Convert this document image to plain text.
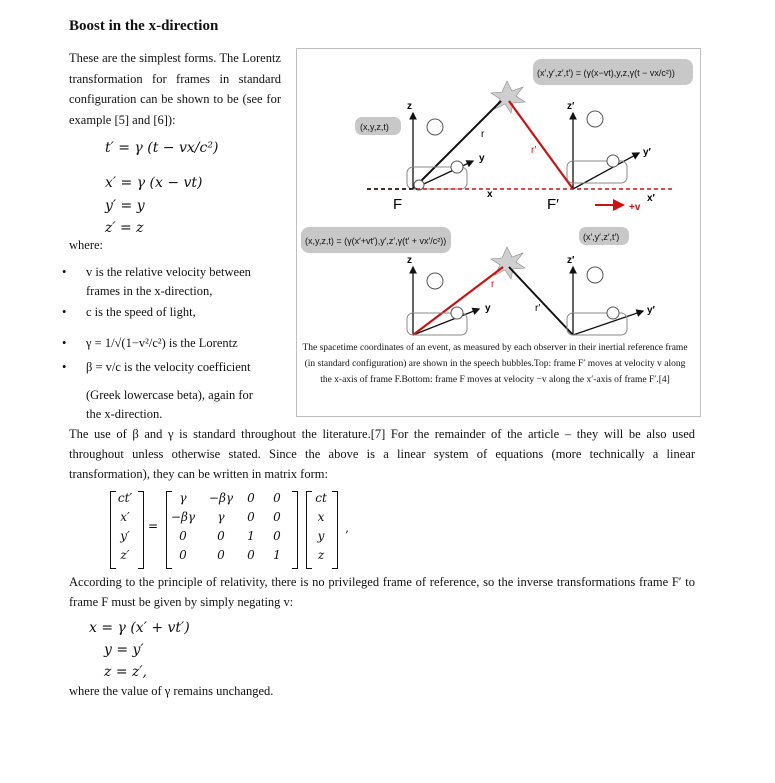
Boost in the x-direction
These are the simplest forms. The Lorentz transformation for frames in standard configuration can be shown to be (see for example [5] and [6]):
t′ = γ (t − vx/c²)
x′ = γ (x − vt)
y′ = y
z′ = z
where:
• v is the relative velocity between
frames in the x-direction,
• c is the speed of light,
• γ = 1/√(1−v²/c²) is the Lorentz
• β = v/c is the velocity coefficient
(Greek lowercase beta), again for
the x-direction.
(x′,y′,z′,t′) = (γ(x−vt),y,z,γ(t − vx/c²))
(x,y,z,t)
z
y
r
x
r′
z′
y′
x′
F	F′	+v
(x,y,z,t) = (γ(x′+vt′),y′,z′,γ(t′ + vx′/c²))	(x′,y′,z′,t′)
z
y
r
r′
z′
y′
The spacetime coordinates of an event, as measured by each observer in their inertial reference frame (in standard configuration) are shown in the speech bubbles.Top: frame F′ moves at velocity v along the x-axis of frame F.Bottom: frame F moves at velocity −v along the x′-axis of frame F′.[4]
The use of β and γ is standard throughout the literature.[7] For the remainder of the article – they will be also used throughout unless otherwise stated. Since the above is a linear system of equations (more technically a linear transformation), they can be written in matrix form:
ct′
x′
y′
z′
=
γ	−βγ	0	0
−βγ	γ	0	0
0	0	1	0
0	0	0	1
ct
x
y
z
,
According to the principle of relativity, there is no privileged frame of reference, so the inverse transformations frame F′ to frame F must be given by simply negating v:
x = γ (x′ + vt′)
y = y′
z = z′,
where the value of γ remains unchanged.
